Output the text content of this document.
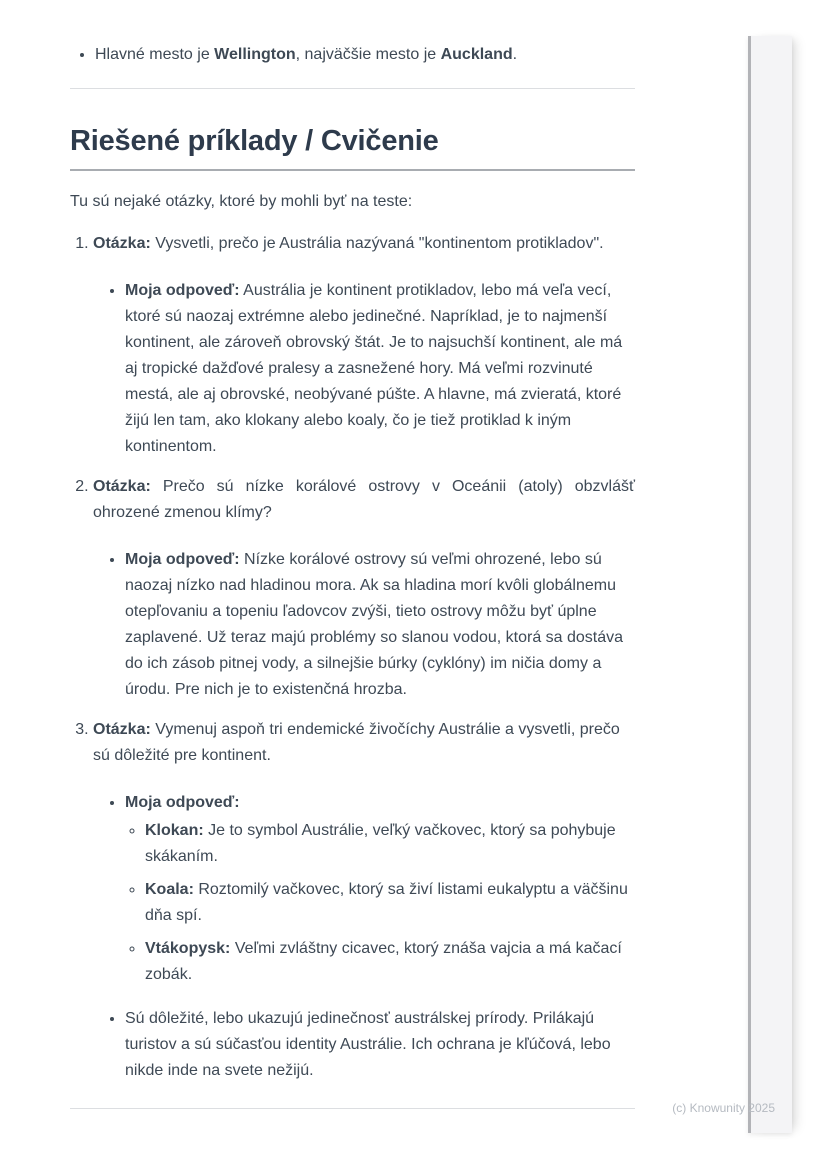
• Hlavné mesto je Wellington, najväčšie mesto je Auckland.
Riešené príklady / Cvičenie

Tu sú nejaké otázky, ktoré by mohli byť na teste:

1. Otázka: Vysvetli, prečo je Austrália nazývaná "kontinentom protikladov".
• Moja odpoveď: Austrália je kontinent protikladov, lebo má veľa vecí, ktoré sú naozaj extrémne alebo jedinečné. Napríklad, je to najmenší kontinent, ale zároveň obrovský štát. Je to najsuchší kontinent, ale má aj tropické dažďové pralesy a zasnežené hory. Má veľmi rozvinuté mestá, ale aj obrovské, neobývané púšte. A hlavne, má zvieratá, ktoré žijú len tam, ako klokany alebo koaly, čo je tiež protiklad k iným kontinentom.
2. Otázka: Prečo sú nízke korálové ostrovy v Oceánii (atoly) obzvlášť ohrozené zmenou klímy?
• Moja odpoveď: Nízke korálové ostrovy sú veľmi ohrozené, lebo sú naozaj nízko nad hladinou mora. Ak sa hladina morí kvôli globálnemu otepľovaniu a topeniu ľadovcov zvýši, tieto ostrovy môžu byť úplne zaplavené. Už teraz majú problémy so slanou vodou, ktorá sa dostáva do ich zásob pitnej vody, a silnejšie búrky (cyklóny) im ničia domy a úrodu. Pre nich je to existenčná hrozba.
3. Otázka: Vymenuj aspoň tri endemické živočíchy Austrálie a vysvetli, prečo sú dôležité pre kontinent.
• Moja odpoveď:
◦ Klokan: Je to symbol Austrálie, veľký vačkovec, ktorý sa pohybuje skákaním.
◦ Koala: Roztomilý vačkovec, ktorý sa živí listami eukalyptu a väčšinu dňa spí.
◦ Vtákopysk: Veľmi zvláštny cicavec, ktorý znáša vajcia a má kačací zobák.
• Sú dôležité, lebo ukazujú jedinečnosť austrálskej prírody. Prilákajú turistov a sú súčasťou identity Austrálie. Ich ochrana je kľúčová, lebo nikde inde na svete nežijú.
(c) Knowunity 2025
